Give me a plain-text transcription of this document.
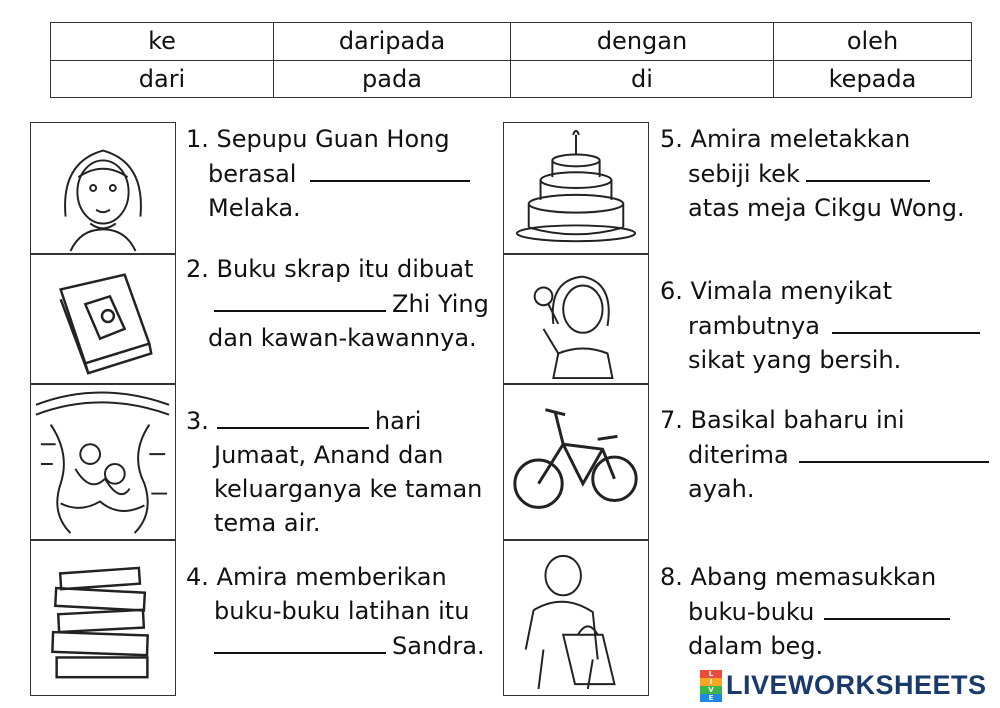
ke	daripada	dengan	oleh
dari	pada	di	kepada
1. Sepupu Guan Hong
berasal
Melaka.
2. Buku skrap itu dibuat
Zhi Ying
dan kawan-kawannya.
3.	hari
Jumaat, Anand dan
keluarganya ke taman
tema air.
4. Amira memberikan
buku-buku latihan itu
Sandra.
5. Amira meletakkan
sebiji kek
atas meja Cikgu Wong.
6. Vimala menyikat
rambutnya
sikat yang bersih.
7. Basikal baharu ini
diterima
ayah.
8. Abang memasukkan
buku-buku
dalam beg.
L
I
V
E LIVEWORKSHEETS
